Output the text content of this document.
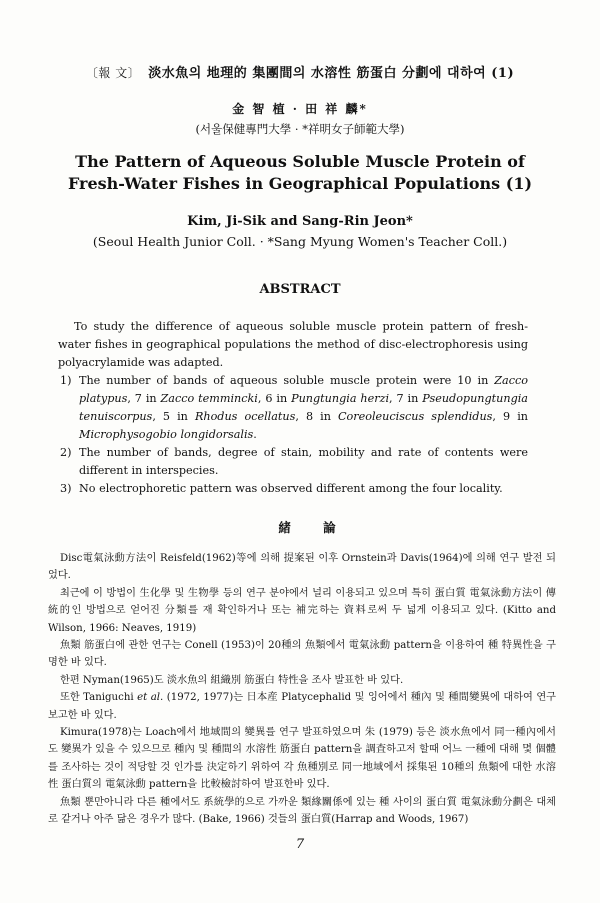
〔報 文〕 淡水魚의 地理的 集團間의 水溶性 筋蛋白 分劃에 대하여 (1)
金 智 植 · 田 祥 麟*
(서울保健專門大學 · *祥明女子師範大學)
The Pattern of Aqueous Soluble Muscle Protein of
Fresh-Water Fishes in Geographical Populations (1)
Kim, Ji-Sik and Sang-Rin Jeon*
(Seoul Health Junior Coll. · *Sang Myung Women's Teacher Coll.)
ABSTRACT

To study the difference of aqueous soluble muscle protein pattern of fresh-water fishes in geographical populations the method of disc-electrophoresis using polyacrylamide was adapted.

1) The number of bands of aqueous soluble muscle protein were 10 in Zacco platypus, 7 in Zacco temmincki, 6 in Pungtungia herzi, 7 in Pseudopungtungia tenuiscorpus, 5 in Rhodus ocellatus, 8 in Coreoleuciscus splendidus, 9 in Microphysogobio longidorsalis.
2) The number of bands, degree of stain, mobility and rate of contents were different in interspecies.
3) No electrophoretic pattern was observed different among the four locality.
緒 論

Disc電氣泳動方法이 Reisfeld(1962)等에 의해 提案된 이후 Ornstein과 Davis(1964)에 의해 연구 발전 되었다.

최근에 이 방법이 生化學 및 生物學 등의 연구 분야에서 널리 이용되고 있으며 특히 蛋白質 電氣泳動方法이 傳統的인 방법으로 얻어진 分類를 재 확인하거나 또는 補完하는 資料로써 두 넓게 이용되고 있다. (Kitto and Wilson, 1966: Neaves, 1919)

魚類 筋蛋白에 관한 연구는 Conell (1953)이 20種의 魚類에서 電氣泳動 pattern을 이용하여 種 特異性을 구명한 바 있다.

한편 Nyman(1965)도 淡水魚의 組織別 筋蛋白 特性을 조사 발표한 바 있다.

또한 Taniguchi et al. (1972, 1977)는 日本産 Platycephalid 및 잉어에서 種內 및 種間變異에 대하여 연구 보고한 바 있다.

Kimura(1978)는 Loach에서 地域間의 變異를 연구 발표하였으며 朱 (1979) 등은 淡水魚에서 同一種內에서도 變異가 있을 수 있으므로 種內 및 種間의 水溶性 筋蛋白 pattern을 調査하고저 할때 어느 一種에 대해 몇 個體를 조사하는 것이 적당할 것 인가를 決定하기 위하여 각 魚種別로 同一地域에서 採集된 10種의 魚類에 대한 水溶性 蛋白質의 電氣泳動 pattern을 比較檢討하여 발표한바 있다.

魚類 뿐만아니라 다른 種에서도 系統學的으로 가까운 類緣關係에 있는 種 사이의 蛋白質 電氣泳動分劃은 대체로 같거나 아주 닮은 경우가 많다. (Bake, 1966) 것들의 蛋白質(Harrap and Woods, 1967)

7
